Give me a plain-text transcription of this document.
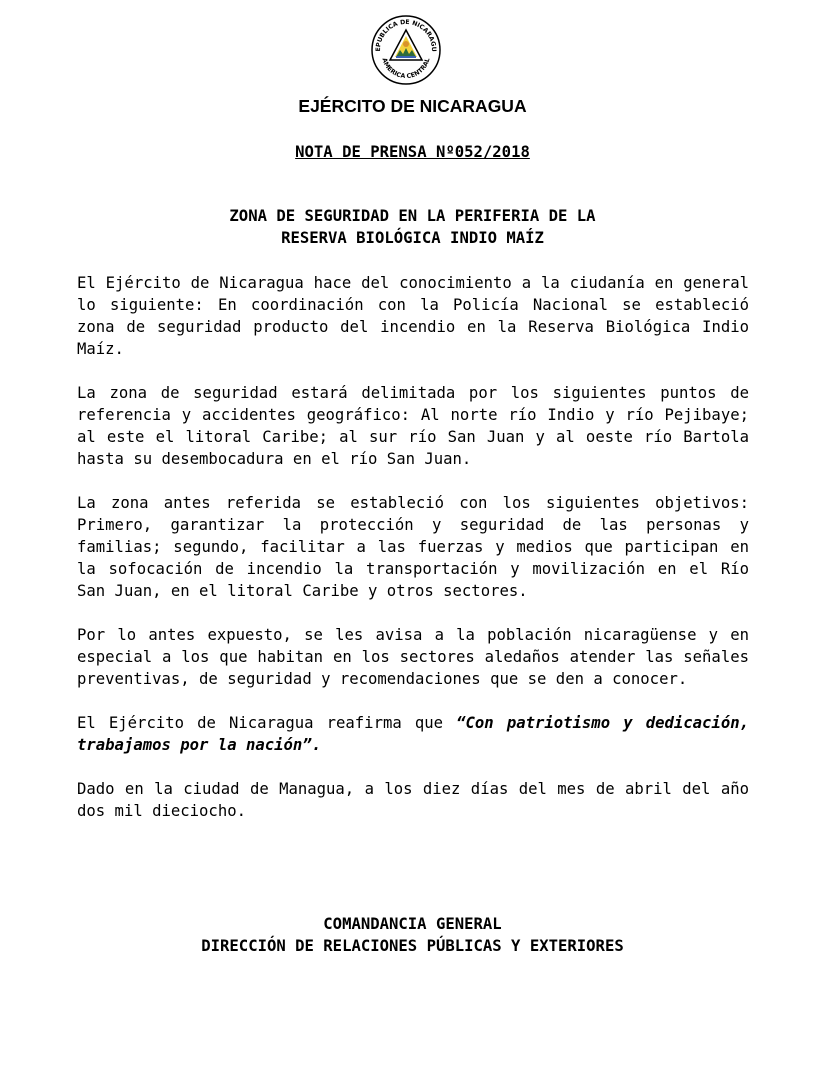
EPUBLICA DE NICARAGU
AMERICA CENTRAL
EJÉRCITO DE NICARAGUA
NOTA DE PRENSA Nº052/2018
ZONA DE SEGURIDAD EN LA PERIFERIA DE LA
RESERVA BIOLÓGICA INDIO MAÍZ

El Ejército de Nicaragua hace del conocimiento a la ciudanía en general lo siguiente: En coordinación con la Policía Nacional se estableció zona de seguridad producto del incendio en la Reserva Biológica Indio Maíz.

La zona de seguridad estará delimitada por los siguientes puntos de referencia y accidentes geográfico: Al norte río Indio y río Pejibaye; al este el litoral Caribe; al sur río San Juan y al oeste río Bartola hasta su desembocadura en el río San Juan.

La zona antes referida se estableció con los siguientes objetivos: Primero, garantizar la protección y seguridad de las personas y familias; segundo, facilitar a las fuerzas y medios que participan en la sofocación de incendio la transportación y movilización en el Río San Juan, en el litoral Caribe y otros sectores.

Por lo antes expuesto, se les avisa a la población nicaragüense y en especial a los que habitan en los sectores aledaños atender las señales preventivas, de seguridad y recomendaciones que se den a conocer.

El Ejército de Nicaragua reafirma que “Con patriotismo y dedicación, trabajamos por la nación”.

Dado en la ciudad de Managua, a los diez días del mes de abril del año dos mil dieciocho.

COMANDANCIA GENERAL
DIRECCIÓN DE RELACIONES PÚBLICAS Y EXTERIORES
